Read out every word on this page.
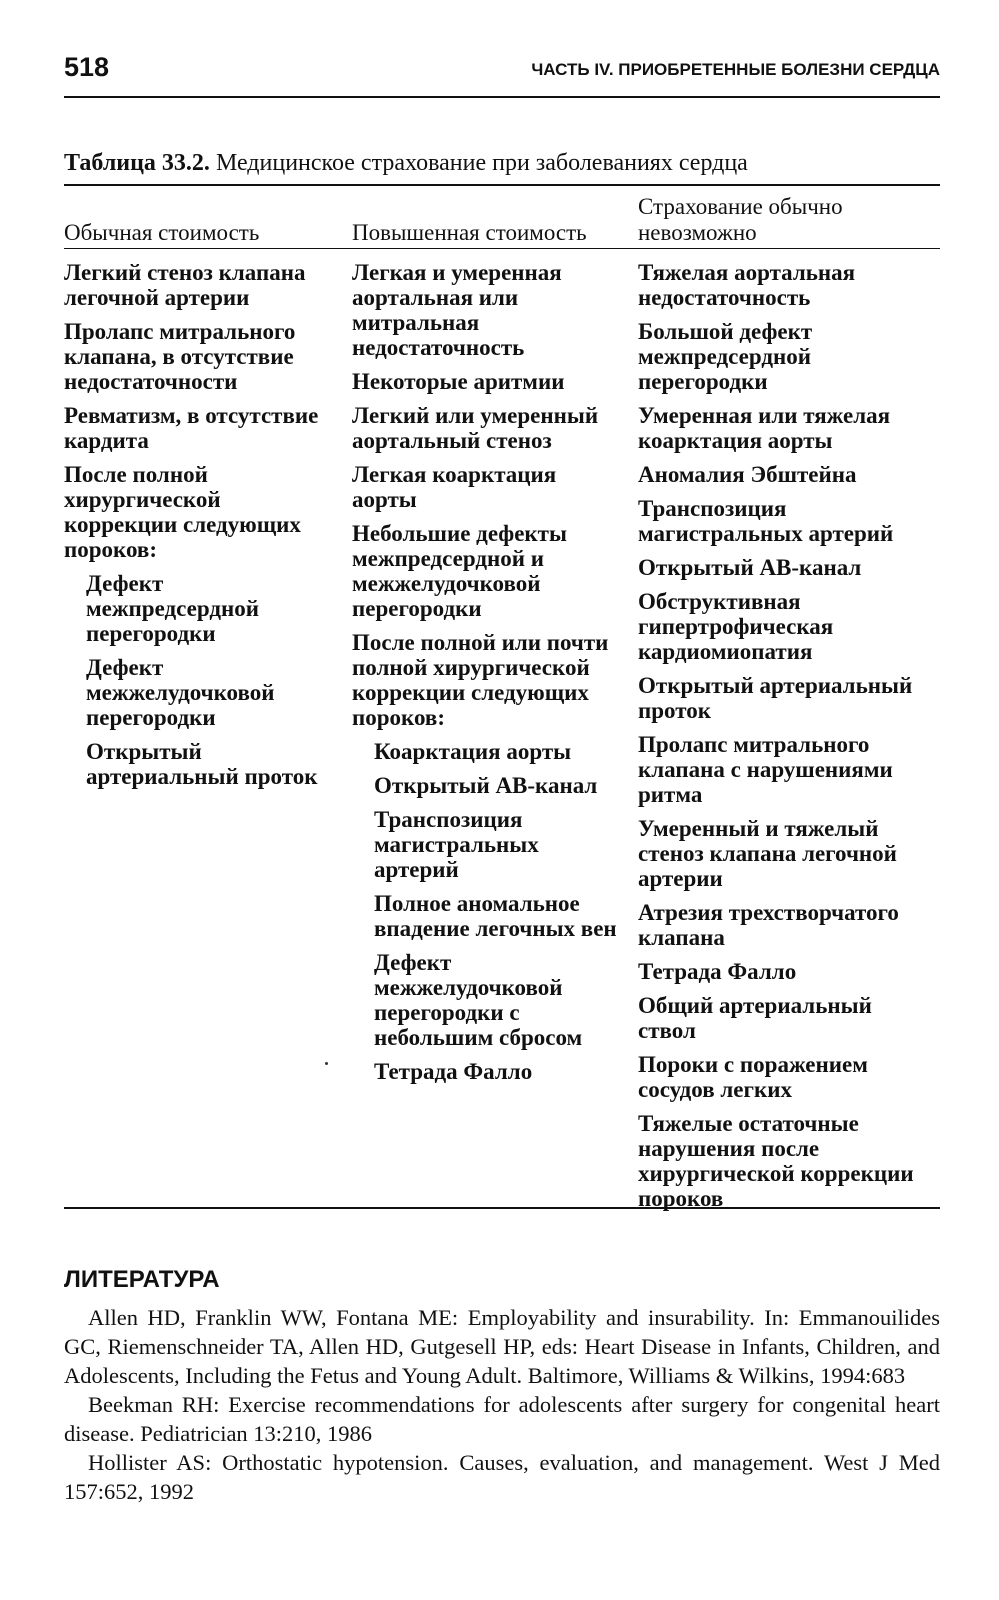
518	ЧАСТЬ IV. ПРИОБРЕТЕННЫЕ БОЛЕЗНИ СЕРДЦА
Таблица 33.2. Медицинское страхование при заболеваниях сердца
Обычная стоимость	Повышенная стоимость
Страхование обычно невозможно
Легкий стеноз клапана легочной артерии
Пролапс митрального клапана, в отсутствие недостаточности
Ревматизм, в отсутствие кардита
После полной хирургической коррекции следующих пороков:
Дефект межпредсердной перегородки
Дефект межжелудочковой перегородки
Открытый артериальный проток
Легкая и умеренная аортальная или митральная недостаточность
Некоторые аритмии
Легкий или умеренный аортальный стеноз
Легкая коарктация аорты
Небольшие дефекты межпредсердной и межжелудочковой перегородки
После полной или почти полной хирургической коррекции следующих пороков:
Коарктация аорты
Открытый АВ-канал
Транспозиция магистральных артерий
Полное аномальное впадение легочных вен
Дефект межжелудочковой перегородки с небольшим сбросом
Тетрада Фалло
Тяжелая аортальная недостаточность
Большой дефект межпредсердной перегородки
Умеренная или тяжелая коарктация аорты
Аномалия Эбштейна
Транспозиция магистральных артерий
Открытый АВ-канал
Обструктивная гипертрофическая кардиомиопатия
Открытый артериальный проток
Пролапс митрального клапана с нарушениями ритма
Умеренный и тяжелый стеноз клапана легочной артерии
Атрезия трехстворчатого клапана
Тетрада Фалло
Общий артериальный ствол
Пороки с поражением сосудов легких
Тяжелые остаточные нарушения после хирургической коррекции пороков
ЛИТЕРАТУРА

Allen HD, Franklin WW, Fontana ME: Employability and insurability. In: Emmanouilides GC, Riemenschneider TA, Allen HD, Gutgesell HP, eds: Heart Disease in Infants, Children, and Adolescents, Including the Fetus and Young Adult. Baltimore, Williams & Wilkins, 1994:683

Beekman RH: Exercise recommendations for adolescents after surgery for congenital heart disease. Pediatrician 13:210, 1986

Hollister AS: Orthostatic hypotension. Causes, evaluation, and management. West J Med 157:652, 1992
